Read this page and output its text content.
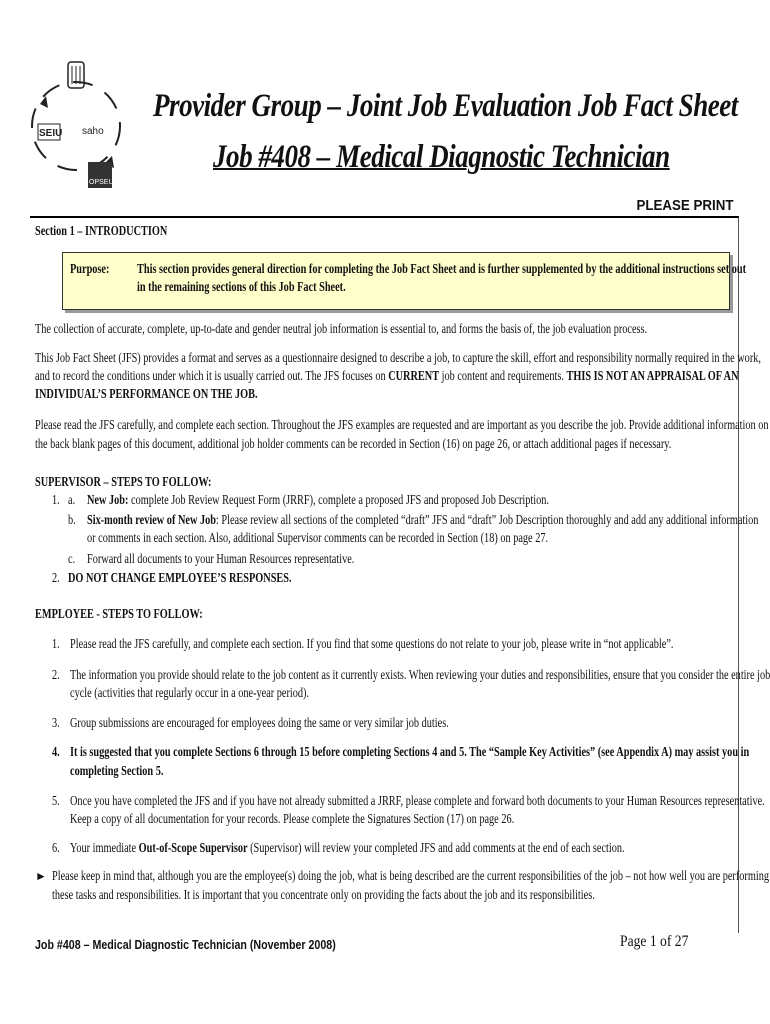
SEIU saho
OPSEU
Provider Group – Joint Job Evaluation Job Fact Sheet
Job #408 – Medical Diagnostic Technician
PLEASE PRINT
Section 1 – INTRODUCTION
Purpose: This section provides general direction for completing the Job Fact Sheet and is further supplemented by the additional instructions set out
in the remaining sections of this Job Fact Sheet.
The collection of accurate, complete, up-to-date and gender neutral job information is essential to, and forms the basis of, the job evaluation process.
This Job Fact Sheet (JFS) provides a format and serves as a questionnaire designed to describe a job, to capture the skill, effort and responsibility normally required in the work,
and to record the conditions under which it is usually carried out. The JFS focuses on CURRENT job content and requirements. THIS IS NOT AN APPRAISAL OF AN
INDIVIDUAL’S PERFORMANCE ON THE JOB.
Please read the JFS carefully, and complete each section. Throughout the JFS examples are requested and are important as you describe the job. Provide additional information on
the back blank pages of this document, additional job holder comments can be recorded in Section (16) on page 26, or attach additional pages if necessary.
SUPERVISOR – STEPS TO FOLLOW:
1. a. New Job: complete Job Review Request Form (JRRF), complete a proposed JFS and proposed Job Description.
b. Six-month review of New Job: Please review all sections of the completed “draft” JFS and “draft” Job Description thoroughly and add any additional information
or comments in each section. Also, additional Supervisor comments can be recorded in Section (18) on page 27.
c. Forward all documents to your Human Resources representative.
2. DO NOT CHANGE EMPLOYEE’S RESPONSES.
EMPLOYEE - STEPS TO FOLLOW:
1. Please read the JFS carefully, and complete each section. If you find that some questions do not relate to your job, please write in “not applicable”.
2. The information you provide should relate to the job content as it currently exists. When reviewing your duties and responsibilities, ensure that you consider the entire job
cycle (activities that regularly occur in a one-year period).
3. Group submissions are encouraged for employees doing the same or very similar job duties.
4. It is suggested that you complete Sections 6 through 15 before completing Sections 4 and 5. The “Sample Key Activities” (see Appendix A) may assist you in
completing Section 5.
5. Once you have completed the JFS and if you have not already submitted a JRRF, please complete and forward both documents to your Human Resources representative.
Keep a copy of all documentation for your records. Please complete the Signatures Section (17) on page 26.
6. Your immediate Out-of-Scope Supervisor (Supervisor) will review your completed JFS and add comments at the end of each section.
► Please keep in mind that, although you are the employee(s) doing the job, what is being described are the current responsibilities of the job – not how well you are performing
these tasks and responsibilities. It is important that you concentrate only on providing the facts about the job and its responsibilities.
Job #408 – Medical Diagnostic Technician (November 2008)	Page 1 of 27
